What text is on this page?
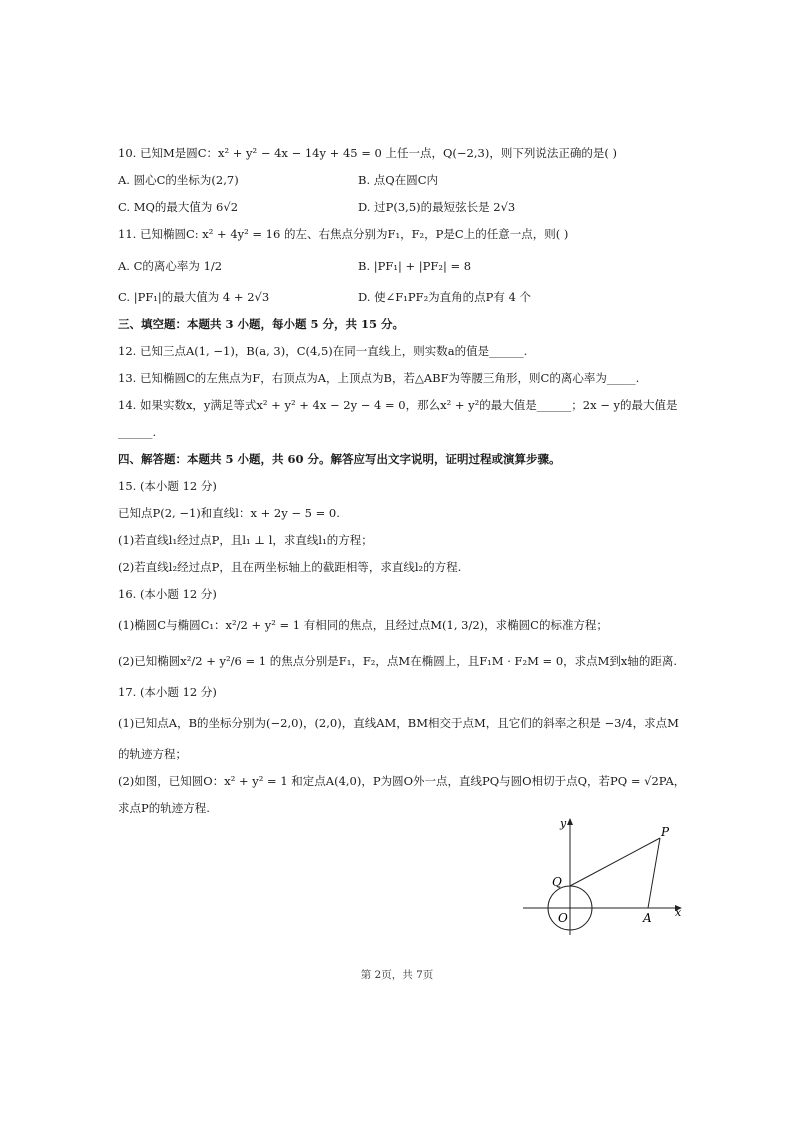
10. 已知M是圆C：x² + y² − 4x − 14y + 45 = 0 上任一点，Q(−2,3)，则下列说法正确的是( )
A. 圆心C的坐标为(2,7)	B. 点Q在圆C内
C. MQ的最大值为 6√2	D. 过P(3,5)的最短弦长是 2√3
11. 已知椭圆C: x² + 4y² = 16 的左、右焦点分别为F₁，F₂，P是C上的任意一点，则( )
A. C的离心率为 1/2	B. |PF₁| + |PF₂| = 8
C. |PF₁|的最大值为 4 + 2√3	D. 使∠F₁PF₂为直角的点P有 4 个
三、填空题：本题共 3 小题，每小题 5 分，共 15 分。
12. 已知三点A(1, −1)，B(a, 3)，C(4,5)在同一直线上，则实数a的值是______.
13. 已知椭圆C的左焦点为F，右顶点为A，上顶点为B，若△ABF为等腰三角形，则C的离心率为_____.
14. 如果实数x，y满足等式x² + y² + 4x − 2y − 4 = 0，那么x² + y²的最大值是______；2x − y的最大值是
______.
四、解答题：本题共 5 小题，共 60 分。解答应写出文字说明，证明过程或演算步骤。
15. (本小题 12 分)
已知点P(2, −1)和直线l：x + 2y − 5 = 0.
(1)若直线l₁经过点P，且l₁ ⊥ l，求直线l₁的方程；
(2)若直线l₂经过点P，且在两坐标轴上的截距相等，求直线l₂的方程.
16. (本小题 12 分)
(1)椭圆C与椭圆C₁：x²/2 + y² = 1 有相同的焦点，且经过点M(1, 3/2)，求椭圆C的标准方程；
(2)已知椭圆x²/2 + y²/6 = 1 的焦点分别是F₁，F₂，点M在椭圆上，且F₁M · F₂M = 0，求点M到x轴的距离.
17. (本小题 12 分)
(1)已知点A，B的坐标分别为(−2,0)，(2,0)，直线AM，BM相交于点M，且它们的斜率之积是 −3/4，求点M
的轨迹方程；
(2)如图，已知圆O：x² + y² = 1 和定点A(4,0)，P为圆O外一点，直线PQ与圆O相切于点Q，若PQ = √2PA，
求点P的轨迹方程.
y
x
P
Q
O	A
第 2页，共 7页
